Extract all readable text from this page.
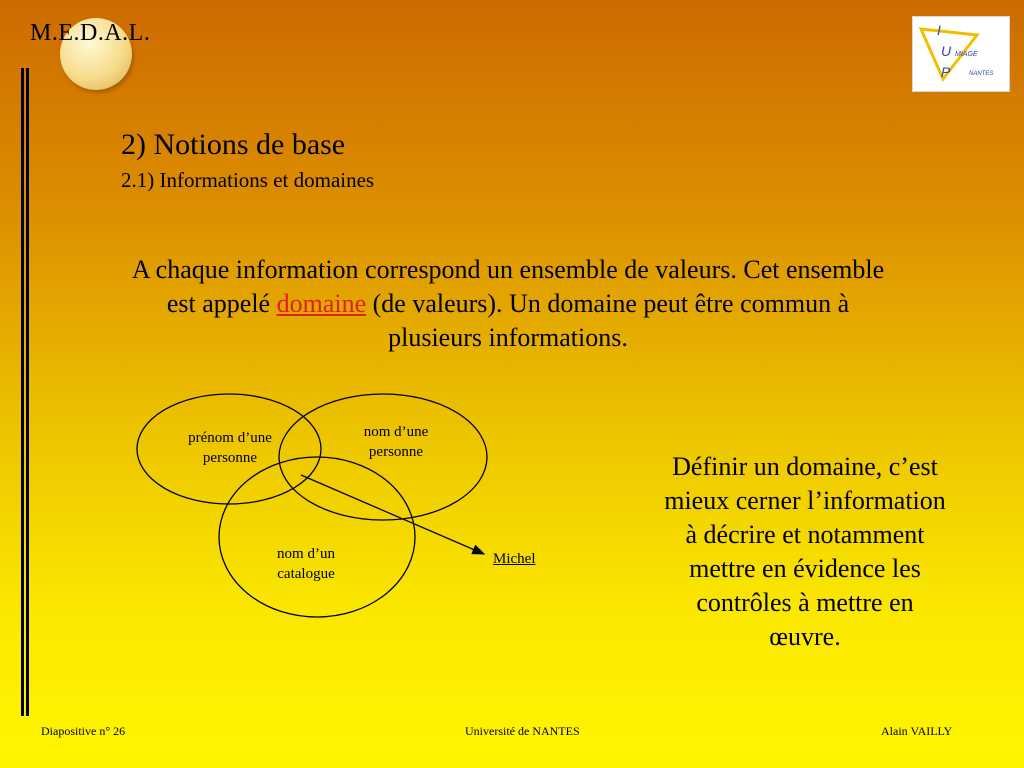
M.E.D.A.L.	I
U
P
MIAGE
NANTES
2) Notions de base
2.1) Informations et domaines
A chaque information correspond un ensemble de valeurs. Cet ensemble est appelé domaine (de valeurs). Un domaine peut être commun à plusieurs informations.
prénom d’une personne
nom d’une personne
nom d’un catalogue
Michel
Définir un domaine, c’est mieux cerner l’information à décrire et notamment mettre en évidence les contrôles à mettre en œuvre.
Diapositive n° 26	Université de NANTES	Alain VAILLY
